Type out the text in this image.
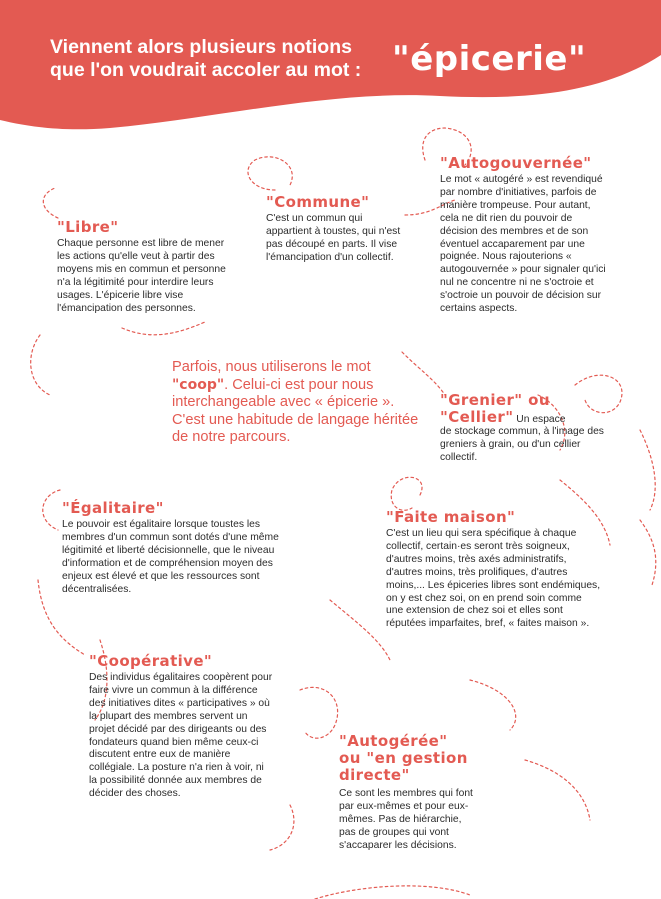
Viennent alors plusieurs notions
que l'on voudrait accoler au mot : "épicerie"
"Libre"

Chaque personne est libre de mener les actions qu'elle veut à partir des moyens mis en commun et personne n'a la légitimité pour interdire leurs usages. L'épicerie libre vise l'émancipation des personnes.

"Commune"

C'est un commun qui appartient à toustes, qui n'est pas découpé en parts. Il vise l'émancipation d'un collectif.

"Autogouvernée"

Le mot « autogéré » est revendiqué par nombre d'initiatives, parfois de manière trompeuse. Pour autant, cela ne dit rien du pouvoir de décision des membres et de son éventuel accaparement par une poignée. Nous rajouterions « autogouvernée » pour signaler qu'ici nul ne concentre ni ne s'octroie et s'octroie un pouvoir de décision sur certains aspects.

Parfois, nous utiliserons le mot "coop". Celui-ci est pour nous interchangeable avec « épicerie ». C'est une habitude de langage héritée de notre parcours.
"Grenier" ou
"Cellier" Un espace

de stockage commun, à l'image des greniers à grain, ou d'un cellier collectif.

"Égalitaire"

Le pouvoir est égalitaire lorsque toustes les membres d'un commun sont dotés d'une même légitimité et liberté décisionnelle, que le niveau d'information et de compréhension moyen des enjeux est élevé et que les ressources sont décentralisées.

"Faite maison"

C'est un lieu qui sera spécifique à chaque collectif, certain·es seront très soigneux, d'autres moins, très axés administratifs, d'autres moins, très prolifiques, d'autres moins,... Les épiceries libres sont endémiques, on y est chez soi, on en prend soin comme une extension de chez soi et elles sont réputées imparfaites, bref, « faites maison ».

"Coopérative"

Des individus égalitaires coopèrent pour faire vivre un commun à la différence des initiatives dites « participatives » où la plupart des membres servent un projet décidé par des dirigeants ou des fondateurs quand bien même ceux-ci discutent entre eux de manière collégiale. La posture n'a rien à voir, ni la possibilité donnée aux membres de décider des choses.

"Autogérée"
ou "en gestion
directe"

Ce sont les membres qui font par eux-mêmes et pour eux-mêmes. Pas de hiérarchie, pas de groupes qui vont s'accaparer les décisions.
